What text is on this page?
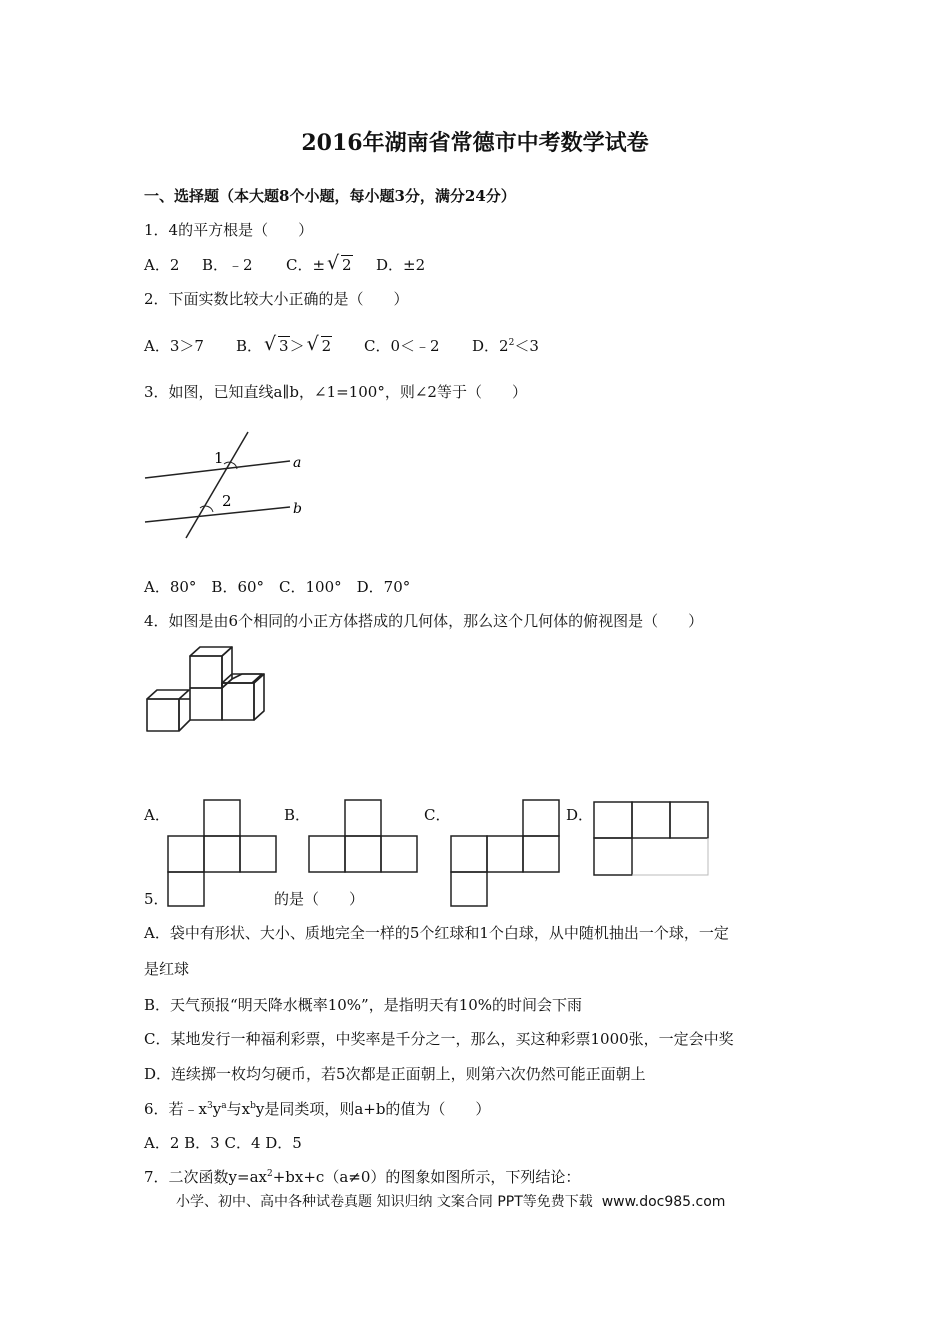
2016年湖南省常德市中考数学试卷
一、选择题（本大题8个小题，每小题3分，满分24分）
1．4的平方根是（　　）
A．2 B．﹣2 C．± √ 2 D．±2
2．下面实数比较大小正确的是（　　）
A．3＞7 B． √ 3＞ √ 2 C．0＜﹣2 D．$2^2<3$
3．如图，已知直线a∥b，∠1=100°，则∠2等于（　　）
1
2
a
b
A．80°　B．60°　C．100°　D．70°
4．如图是由6个相同的小正方体搭成的几何体，那么这个几何体的俯视图是（　　）
A．	B．	C．	D．
5．	的是（　　）
A．袋中有形状、大小、质地完全一样的5个红球和1个白球，从中随机抽出一个球，一定
是红球
B．天气预报“明天降水概率10%”，是指明天有10%的时间会下雨
C．某地发行一种福利彩票，中奖率是千分之一，那么，买这种彩票1000张，一定会中奖
D．连续掷一枚均匀硬币，若5次都是正面朝上，则第六次仍然可能正面朝上
6．若$﹣x^3y^a$与$x^by$是同类项，则a+b的值为（　　）
A．2 B．3 C．4 D．5
7．二次函数$y=ax^2+bx+c(a\ne 0)$的图象如图所示，下列结论：
小学、初中、高中各种试卷真题 知识归纳 文案合同 PPT等免费下载 www.doc985.com
